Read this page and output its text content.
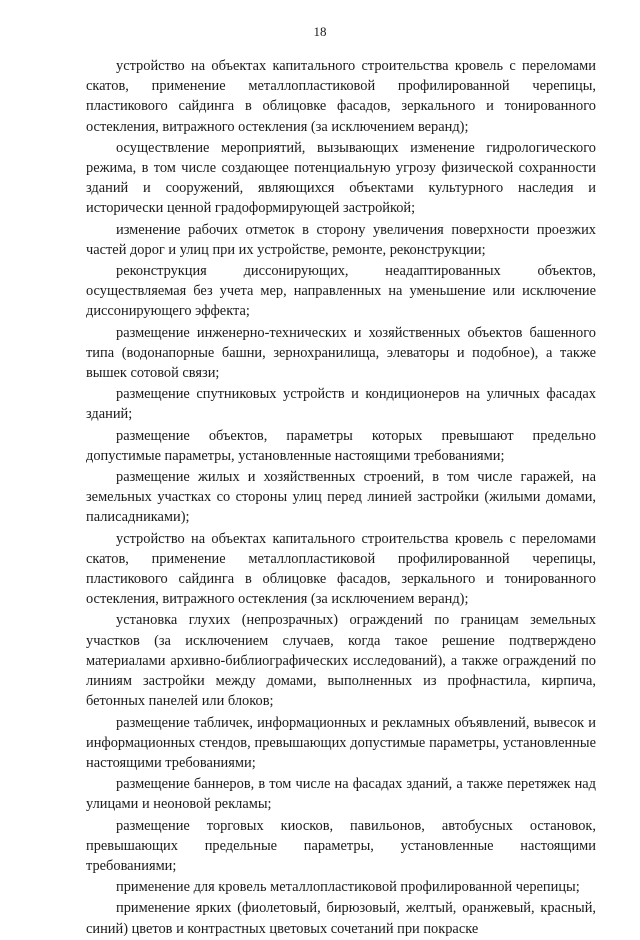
18

устройство на объектах капитального строительства кровель с переломами скатов, применение металлопластиковой профилированной черепицы, пластикового сайдинга в облицовке фасадов, зеркального и тонированного остекления, витражного остекления (за исключением веранд);

осуществление мероприятий, вызывающих изменение гидрологического режима, в том числе создающее потенциальную угрозу физической сохранности зданий и сооружений, являющихся объектами культурного наследия и исторически ценной градоформирующей застройкой;

изменение рабочих отметок в сторону увеличения поверхности проезжих частей дорог и улиц при их устройстве, ремонте, реконструкции;

реконструкция диссонирующих, неадаптированных объектов, осуществляемая без учета мер, направленных на уменьшение или исключение диссонирующего эффекта;

размещение инженерно-технических и хозяйственных объектов башенного типа (водонапорные башни, зернохранилища, элеваторы и подобное), а также вышек сотовой связи;

размещение спутниковых устройств и кондиционеров на уличных фасадах зданий;

размещение объектов, параметры которых превышают предельно допустимые параметры, установленные настоящими требованиями;

размещение жилых и хозяйственных строений, в том числе гаражей, на земельных участках со стороны улиц перед линией застройки (жилыми домами, палисадниками);

устройство на объектах капитального строительства кровель с переломами скатов, применение металлопластиковой профилированной черепицы, пластикового сайдинга в облицовке фасадов, зеркального и тонированного остекления, витражного остекления (за исключением веранд);

установка глухих (непрозрачных) ограждений по границам земельных участков (за исключением случаев, когда такое решение подтверждено материалами архивно-библиографических исследований), а также ограждений по линиям застройки между домами, выполненных из профнастила, кирпича, бетонных панелей или блоков;

размещение табличек, информационных и рекламных объявлений, вывесок и информационных стендов, превышающих допустимые параметры, установленные настоящими требованиями;

размещение баннеров, в том числе на фасадах зданий, а также перетяжек над улицами и неоновой рекламы;

размещение торговых киосков, павильонов, автобусных остановок, превышающих предельные параметры, установленные настоящими требованиями;

применение для кровель металлопластиковой профилированной черепицы;

применение ярких (фиолетовый, бирюзовый, желтый, оранжевый, красный, синий) цветов и контрастных цветовых сочетаний при покраске
